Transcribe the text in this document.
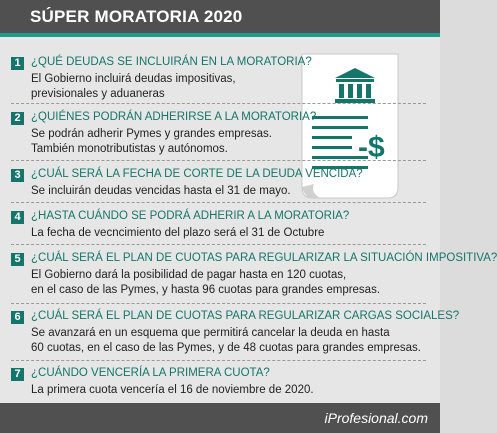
SÚPER MORATORIA 2020
-$
1 ¿QUÉ DEUDAS SE INCLUIRÁN EN LA MORATORIA?
El Gobierno incluirá deudas impositivas,
previsionales y aduaneras
2 ¿QUIÉNES PODRÁN ADHERIRSE A LA MORATORIA?
Se podrán adherir Pymes y grandes empresas.
También monotributistas y autónomos.
3 ¿CUÁL SERÁ LA FECHA DE CORTE DE LA DEUDA VENCIDA?
Se incluirán deudas vencidas hasta el 31 de mayo.
4 ¿HASTA CUÁNDO SE PODRÁ ADHERIR A LA MORATORIA?
La fecha de vecncimiento del plazo será el 31 de Octubre
5 ¿CUÁL SERÁ EL PLAN DE CUOTAS PARA REGULARIZAR LA SITUACIÓN IMPOSITIVA?
El Gobierno dará la posibilidad de pagar hasta en 120 cuotas,
en el caso de las Pymes, y hasta 96 cuotas para grandes empresas.
6 ¿CUÁL SERÁ EL PLAN DE CUOTAS PARA REGULARIZAR CARGAS SOCIALES?
Se avanzará en un esquema que permitirá cancelar la deuda en hasta
60 cuotas, en el caso de las Pymes, y de 48 cuotas para grandes empresas.
7 ¿CUÁNDO VENCERÍA LA PRIMERA CUOTA?
La primera cuota vencería el 16 de noviembre de 2020.
iProfesional.com
